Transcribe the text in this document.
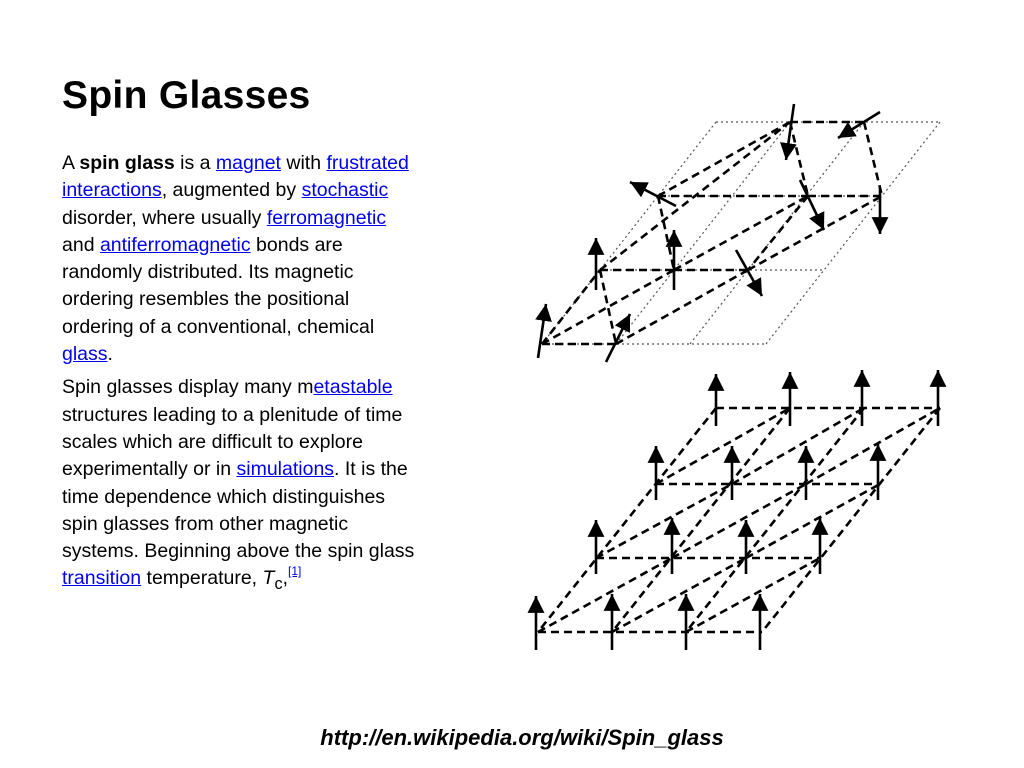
Spin Glasses

A spin glass is a magnet with frustrated interactions, augmented by stochastic disorder, where usually ferromagnetic and antiferromagnetic bonds are randomly distributed. Its magnetic ordering resembles the positional ordering of a conventional, chemical glass.

Spin glasses display many metastable structures leading to a plenitude of time scales which are difficult to explore experimentally or in simulations. It is the time dependence which distinguishes spin glasses from other magnetic systems. Beginning above the spin glass transition temperature, $T_c,[1]$

http://en.wikipedia.org/wiki/Spin_glass
